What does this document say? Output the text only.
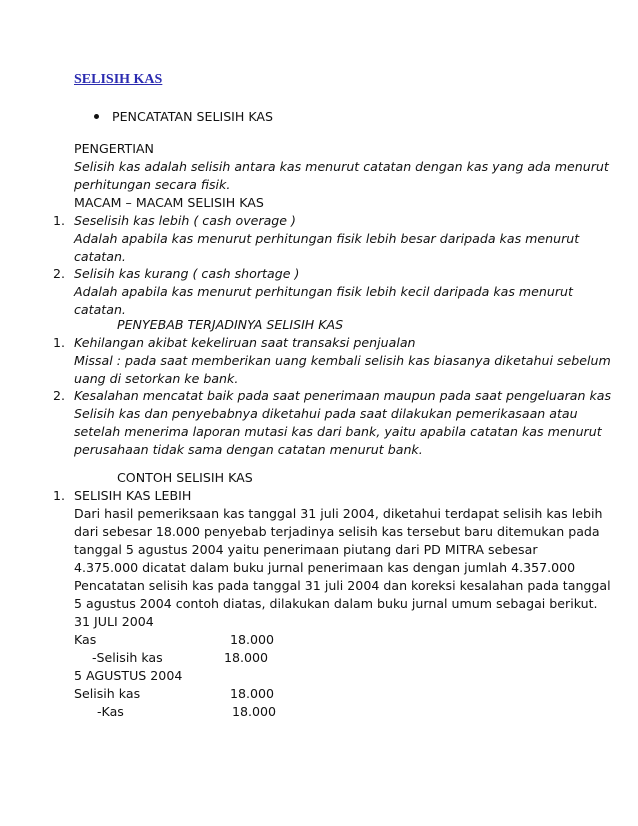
SELISIH KAS
PENCATATAN SELISIH KAS
PENGERTIAN
Selisih kas adalah selisih antara kas menurut catatan dengan kas yang ada menurut
perhitungan secara fisik.
MACAM – MACAM SELISIH KAS
1. Seselisih kas lebih ( cash overage )
Adalah apabila kas menurut perhitungan fisik lebih besar daripada kas menurut
catatan.
2. Selisih kas kurang ( cash shortage )
Adalah apabila kas menurut perhitungan fisik lebih kecil daripada kas menurut
catatan.
PENYEBAB TERJADINYA SELISIH KAS
1. Kehilangan akibat kekeliruan saat transaksi penjualan
Missal : pada saat memberikan uang kembali selisih kas biasanya diketahui sebelum
uang di setorkan ke bank.
2. Kesalahan mencatat baik pada saat penerimaan maupun pada saat pengeluaran kas
Selisih kas dan penyebabnya diketahui pada saat dilakukan pemerikasaan atau
setelah menerima laporan mutasi kas dari bank, yaitu apabila catatan kas menurut
perusahaan tidak sama dengan catatan menurut bank.
CONTOH SELISIH KAS
1. SELISIH KAS LEBIH
Dari hasil pemeriksaan kas tanggal 31 juli 2004, diketahui terdapat selisih kas lebih
dari sebesar 18.000 penyebab terjadinya selisih kas tersebut baru ditemukan pada
tanggal 5 agustus 2004 yaitu penerimaan piutang dari PD MITRA sebesar
4.375.000 dicatat dalam buku jurnal penerimaan kas dengan jumlah 4.357.000
Pencatatan selisih kas pada tanggal 31 juli 2004 dan koreksi kesalahan pada tanggal
5 agustus 2004 contoh diatas, dilakukan dalam buku jurnal umum sebagai berikut.
31 JULI 2004
Kas	18.000
-Selisih kas	18.000
5 AGUSTUS 2004
Selisih kas	18.000
-Kas	18.000
